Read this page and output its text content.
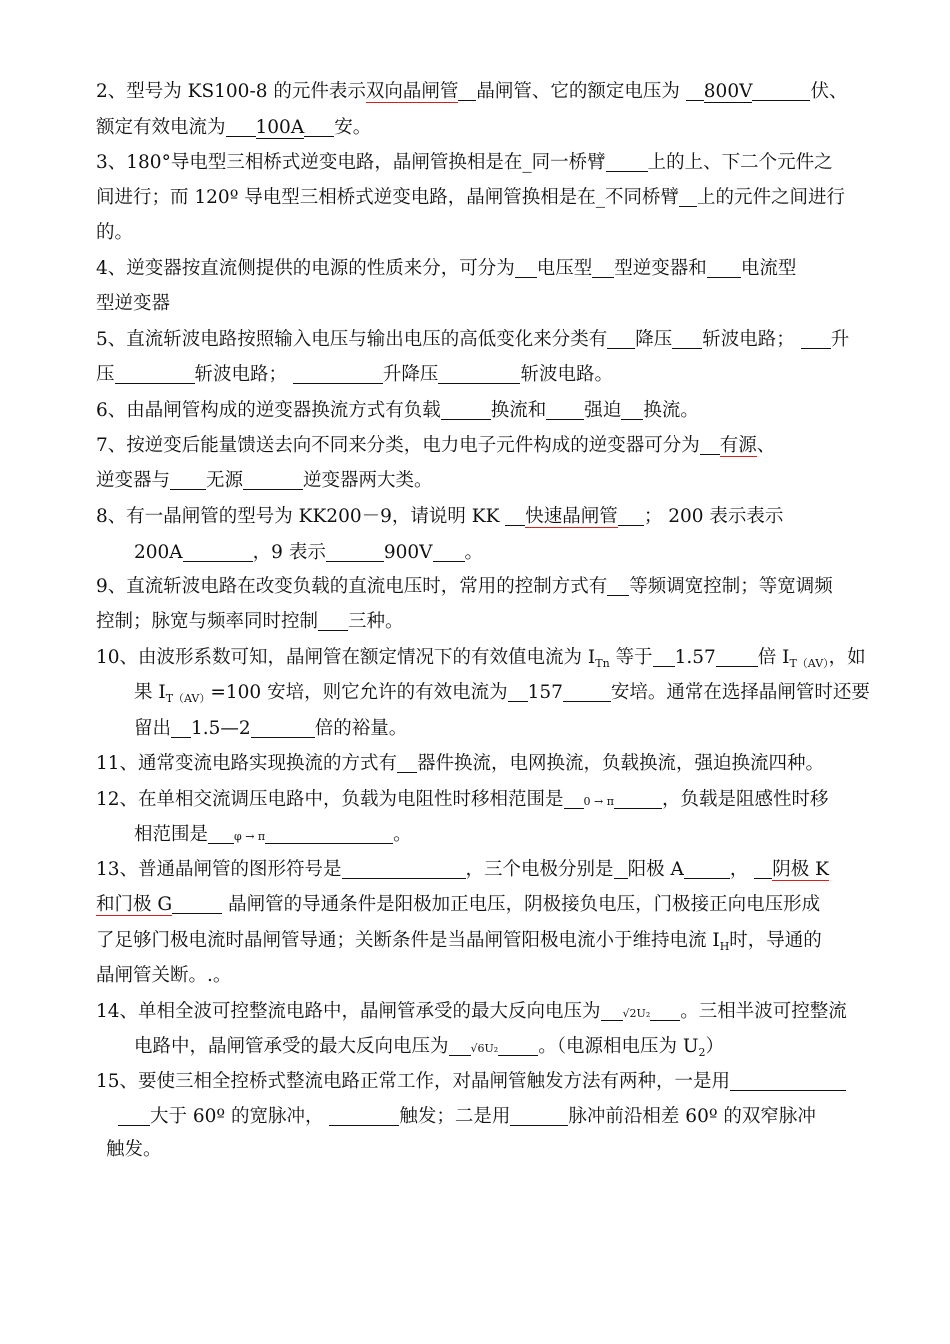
2、型号为 KS100-8 的元件表示双向晶闸管 晶闸管、它的额定电压为 800V	伏、
额定有效电流为 100A 安。
3、180°导电型三相桥式逆变电路，晶闸管换相是在_同一桥臂 上的上、下二个元件之
间进行；而 120º 导电型三相桥式逆变电路，晶闸管换相是在_不同桥臂 上的元件之间进行
的。
4、逆变器按直流侧提供的电源的性质来分，可分为 电压型 型逆变器和 电流型
型逆变器
5、直流斩波电路按照输入电压与输出电压的高低变化来分类有 降压 斩波电路； 升
压	斩波电路；	升降压	斩波电路。
6、由晶闸管构成的逆变器换流方式有负载	换流和 强迫 换流。
7、按逆变后能量馈送去向不同来分类，电力电子元件构成的逆变器可分为 有源、
逆变器与 无源	逆变器两大类。
8、有一晶闸管的型号为 KK200－9，请说明 KK 快速晶闸管 ； 200 表示表示
200A	，9 表示	900V 。
9、直流斩波电路在改变负载的直流电压时，常用的控制方式有 等频调宽控制；等宽调频
控制；脉宽与频率同时控制 三种。
10、由波形系数可知，晶闸管在额定情况下的有效值电流为 $I_{Tn}$ 等于 1.57 倍 $I_{T(AV)}$，如
果 $I_{T(AV)}=100$ 安培，则它允许的有效电流为 157	安培。通常在选择晶闸管时还要
留出 1.5—2	倍的裕量。
11、通常变流电路实现换流的方式有 器件换流，电网换流，负载换流，强迫换流四种。
12、在单相交流调压电路中，负载为电阻性时移相范围是 0 → π	，负载是阻感性时移
相范围是 φ → π	。
13、普通晶闸管的图形符号是	，三个电极分别是 阳极 A ， 阴极 K
和门极 G	晶闸管的导通条件是阳极加正电压，阴极接负电压，门极接正向电压形成
了足够门极电流时晶闸管导通；关断条件是当晶闸管阳极电流小于维持电流 $I_H$时，导通的
晶闸管关断。.。
14、单相全波可控整流电路中，晶闸管承受的最大反向电压为 √2U₂ 。三相半波可控整流
电路中，晶闸管承受的最大反向电压为 √6U₂ 。（电源相电压为 $U_2$）
15、要使三相全控桥式整流电路正常工作，对晶闸管触发方法有两种，一是用
大于 60º 的宽脉冲，	触发；二是用	脉冲前沿相差 60º 的双窄脉冲
触发。
